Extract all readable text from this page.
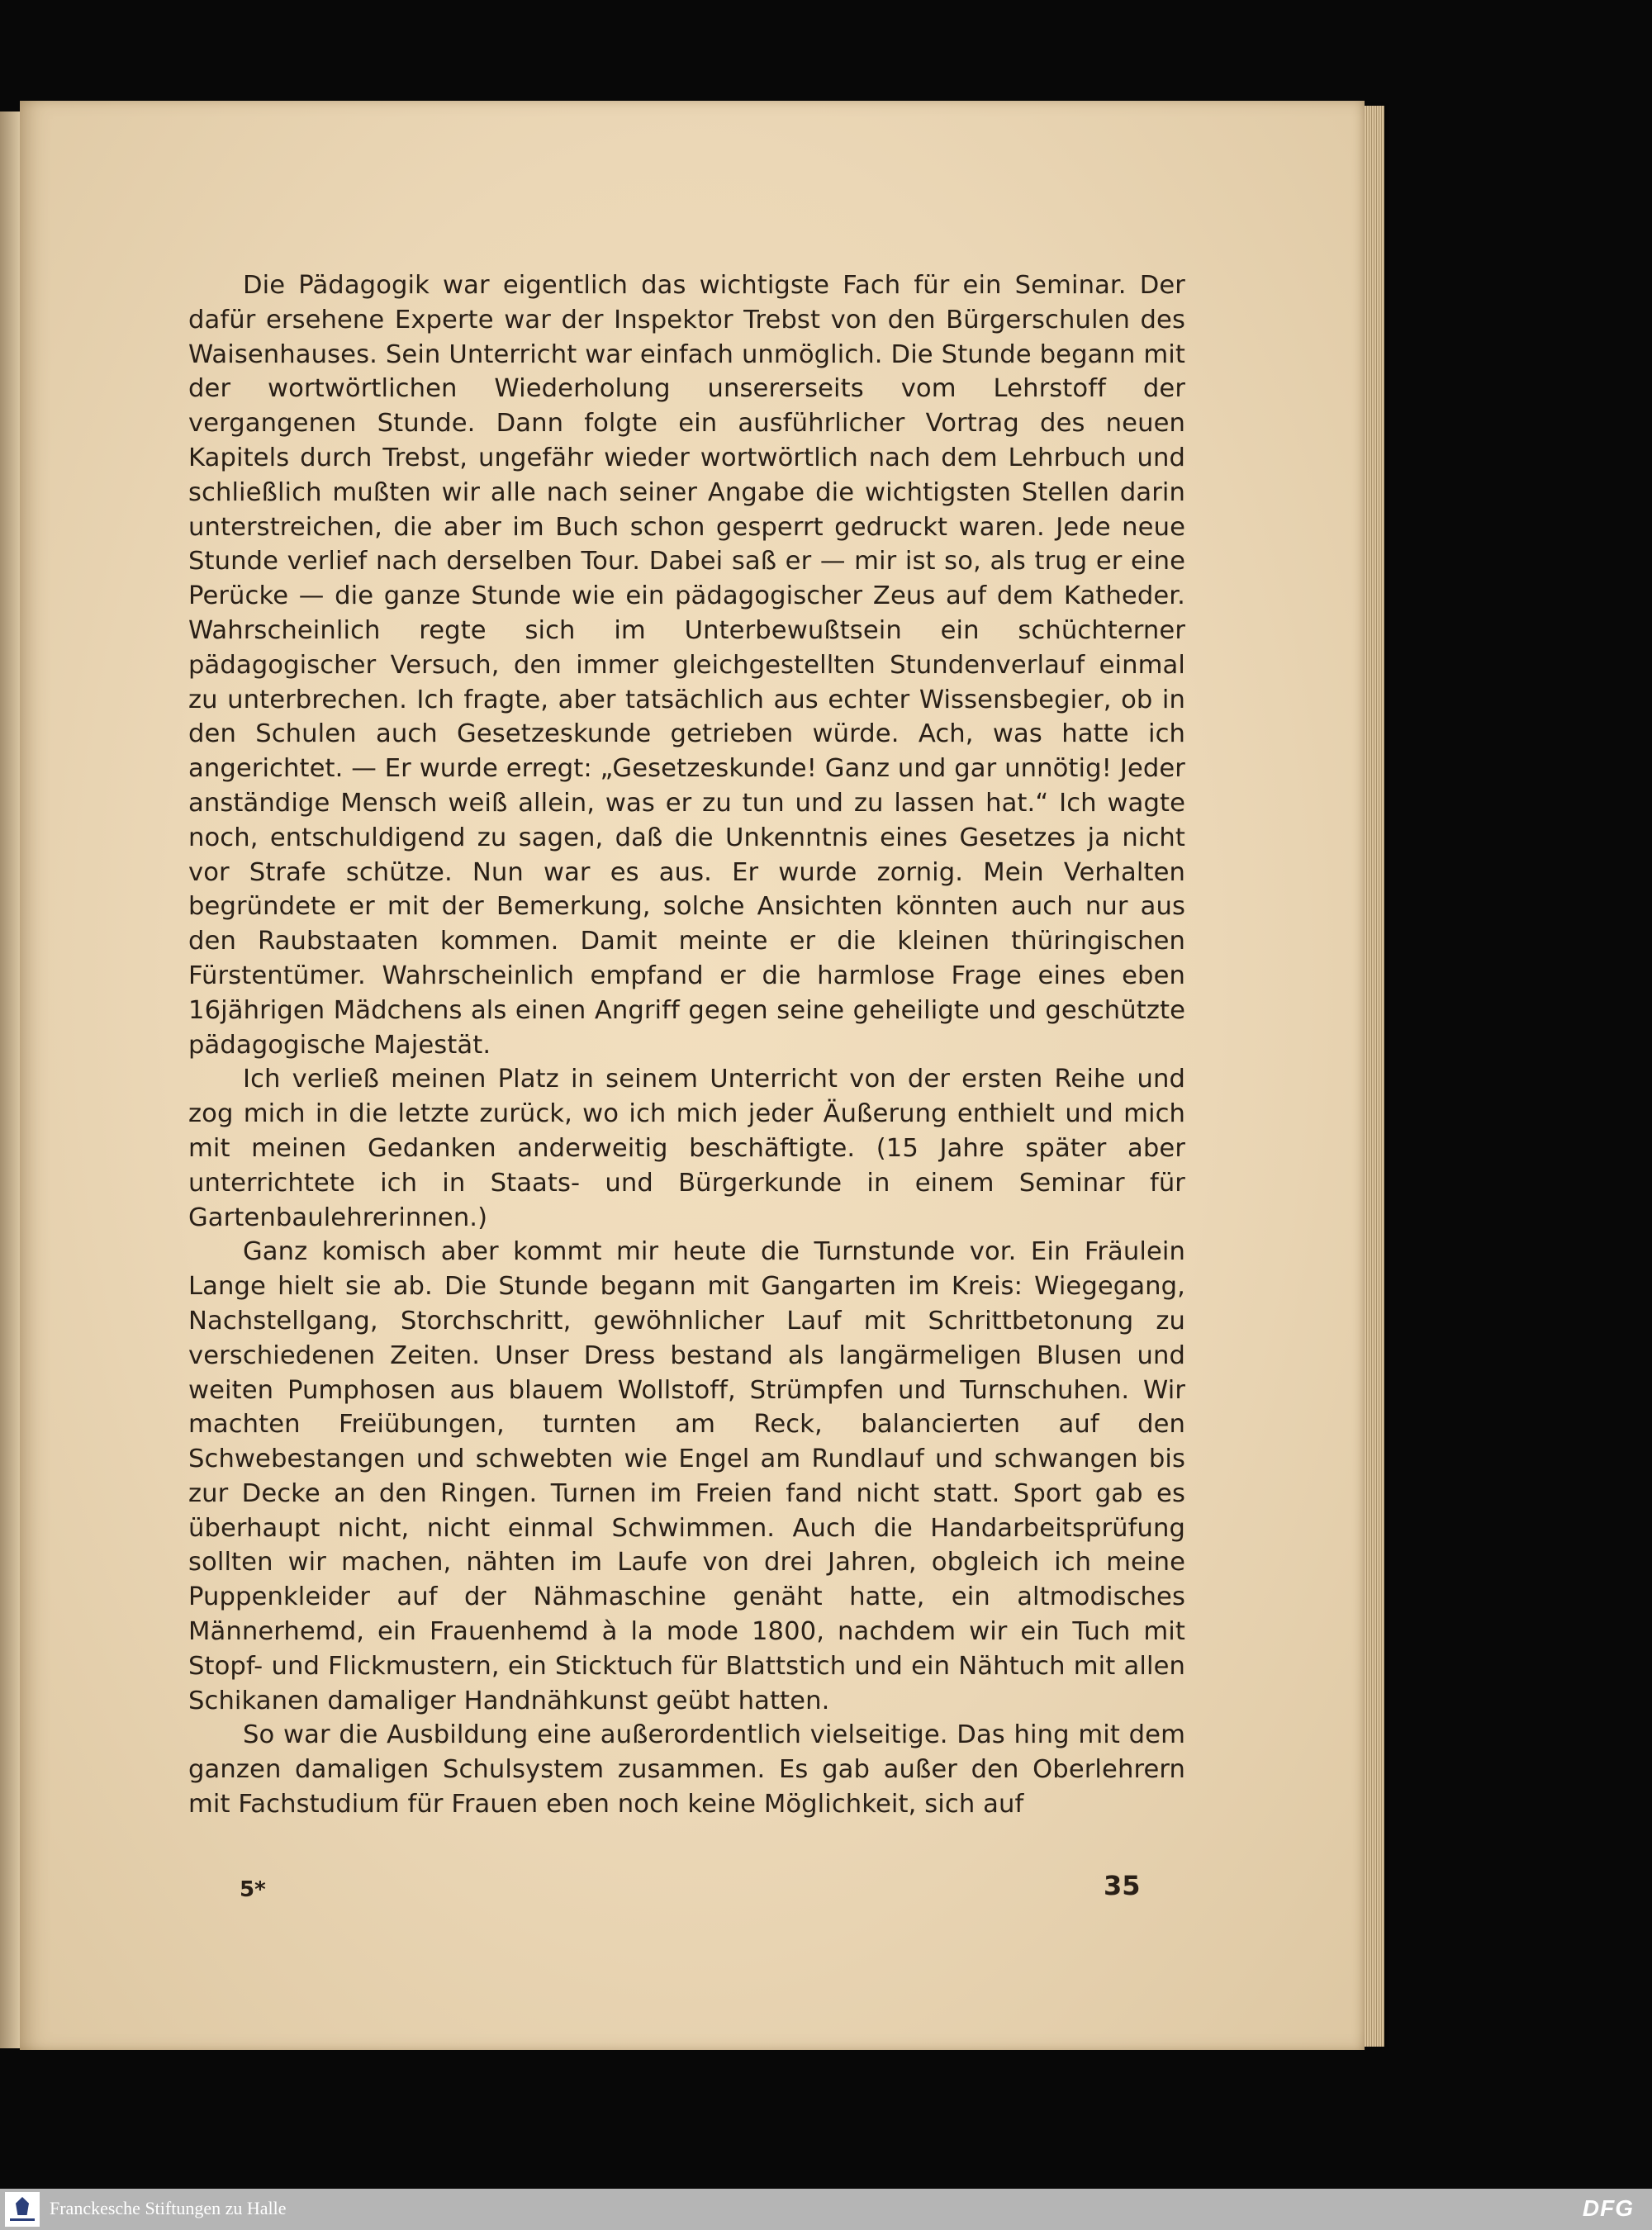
Die Pädagogik war eigentlich das wichtigste Fach für ein Seminar. Der dafür ersehene Experte war der Inspektor Trebst von den Bürgerschulen des Waisenhauses. Sein Unterricht war einfach unmöglich. Die Stunde begann mit der wortwörtlichen Wiederholung unsererseits vom Lehrstoff der vergangenen Stunde. Dann folgte ein ausführlicher Vortrag des neuen Kapitels durch Trebst, ungefähr wieder wortwörtlich nach dem Lehrbuch und schließlich mußten wir alle nach seiner Angabe die wichtigsten Stellen darin unterstreichen, die aber im Buch schon gesperrt gedruckt waren. Jede neue Stunde verlief nach derselben Tour. Dabei saß er — mir ist so, als trug er eine Perücke — die ganze Stunde wie ein pädagogischer Zeus auf dem Katheder. Wahrscheinlich regte sich im Unterbewußtsein ein schüchterner pädagogischer Versuch, den immer gleichgestellten Stundenverlauf einmal zu unterbrechen. Ich fragte, aber tatsächlich aus echter Wissensbegier, ob in den Schulen auch Gesetzeskunde getrieben würde. Ach, was hatte ich angerichtet. — Er wurde erregt: „Gesetzeskunde! Ganz und gar unnötig! Jeder anständige Mensch weiß allein, was er zu tun und zu lassen hat.“ Ich wagte noch, entschuldigend zu sagen, daß die Unkenntnis eines Gesetzes ja nicht vor Strafe schütze. Nun war es aus. Er wurde zornig. Mein Verhalten begründete er mit der Bemerkung, solche Ansichten könnten auch nur aus den Raubstaaten kommen. Damit meinte er die kleinen thüringischen Fürstentümer. Wahrscheinlich empfand er die harmlose Frage eines eben 16jährigen Mädchens als einen Angriff gegen seine geheiligte und geschützte pädagogische Majestät.

Ich verließ meinen Platz in seinem Unterricht von der ersten Reihe und zog mich in die letzte zurück, wo ich mich jeder Äußerung enthielt und mich mit meinen Gedanken anderweitig beschäftigte. (15 Jahre später aber unterrichtete ich in Staats- und Bürgerkunde in einem Seminar für Gartenbaulehrerinnen.)

Ganz komisch aber kommt mir heute die Turnstunde vor. Ein Fräulein Lange hielt sie ab. Die Stunde begann mit Gangarten im Kreis: Wiegegang, Nachstellgang, Storchschritt, gewöhnlicher Lauf mit Schrittbetonung zu verschiedenen Zeiten. Unser Dress bestand als langärmeligen Blusen und weiten Pumphosen aus blauem Wollstoff, Strümpfen und Turnschuhen. Wir machten Freiübungen, turnten am Reck, balancierten auf den Schwebestangen und schwebten wie Engel am Rundlauf und schwangen bis zur Decke an den Ringen. Turnen im Freien fand nicht statt. Sport gab es überhaupt nicht, nicht einmal Schwimmen. Auch die Handarbeitsprüfung sollten wir machen, nähten im Laufe von drei Jahren, obgleich ich meine Puppenkleider auf der Nähmaschine genäht hatte, ein altmodisches Männerhemd, ein Frauenhemd à la mode 1800, nachdem wir ein Tuch mit Stopf- und Flickmustern, ein Sticktuch für Blattstich und ein Nähtuch mit allen Schikanen damaliger Handnähkunst geübt hatten.

So war die Ausbildung eine außerordentlich vielseitige. Das hing mit dem ganzen damaligen Schulsystem zusammen. Es gab außer den Oberlehrern mit Fachstudium für Frauen eben noch keine Möglichkeit, sich auf

5*	35
Franckesche Stiftungen zu Halle	DFG
